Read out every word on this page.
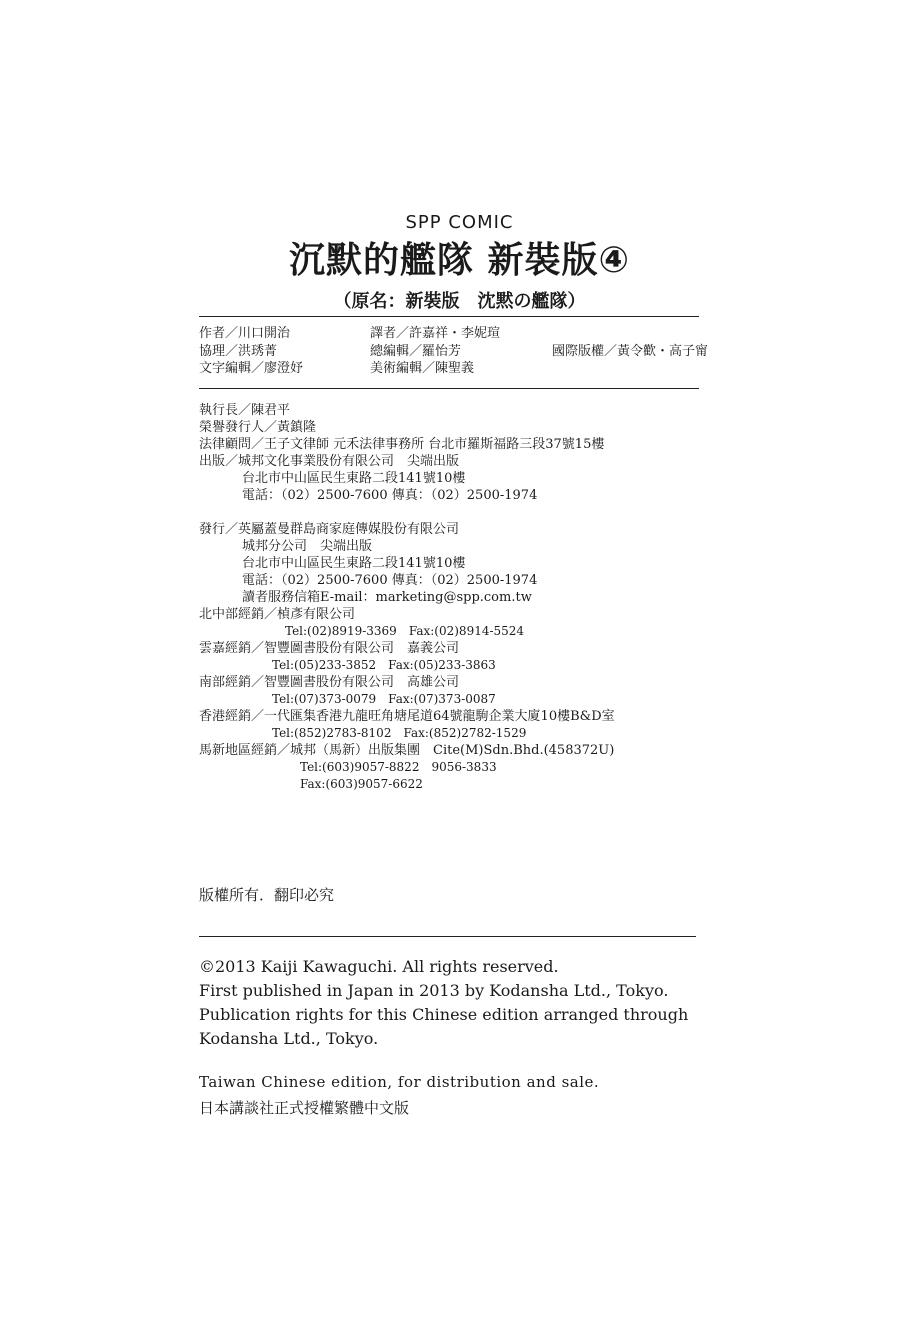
SPP COMIC
沉默的艦隊 新裝版④
（原名：新裝版　沈黙の艦隊）
作者／川口開治
協理／洪琇菁
文字編輯／廖澄妤
譯者／許嘉祥・李妮瑄
總編輯／羅怡芳
美術編輯／陳聖義
國際版權／黃令歡・高子甯
執行長／陳君平
榮譽發行人／黃鎮隆
法律顧問／王子文律師 元禾法律事務所 台北市羅斯福路三段37號15樓
出版／城邦文化事業股份有限公司　尖端出版
台北市中山區民生東路二段141號10樓
電話：（02）2500-7600 傳真：（02）2500-1974
發行／英屬蓋曼群島商家庭傳媒股份有限公司
城邦分公司　尖端出版
台北市中山區民生東路二段141號10樓
電話：（02）2500-7600 傳真：（02）2500-1974
讀者服務信箱E-mail：marketing@spp.com.tw
北中部經銷／楨彥有限公司
Tel:(02)8919-3369　Fax:(02)8914-5524
雲嘉經銷／智豐圖書股份有限公司　嘉義公司
Tel:(05)233-3852　Fax:(05)233-3863
南部經銷／智豐圖書股份有限公司　高雄公司
Tel:(07)373-0079　Fax:(07)373-0087
香港經銷／一代匯集香港九龍旺角塘尾道64號龍駒企業大廈10樓B&D室
Tel:(852)2783-8102　Fax:(852)2782-1529
馬新地區經銷／城邦（馬新）出版集團　Cite(M)Sdn.Bhd.(458372U)
Tel:(603)9057-8822　9056-3833
Fax:(603)9057-6622
版權所有．翻印必究
©2013 Kaiji Kawaguchi. All rights reserved.
First published in Japan in 2013 by Kodansha Ltd., Tokyo.
Publication rights for this Chinese edition arranged through
Kodansha Ltd., Tokyo.
Taiwan Chinese edition, for distribution and sale.
日本講談社正式授權繁體中文版
